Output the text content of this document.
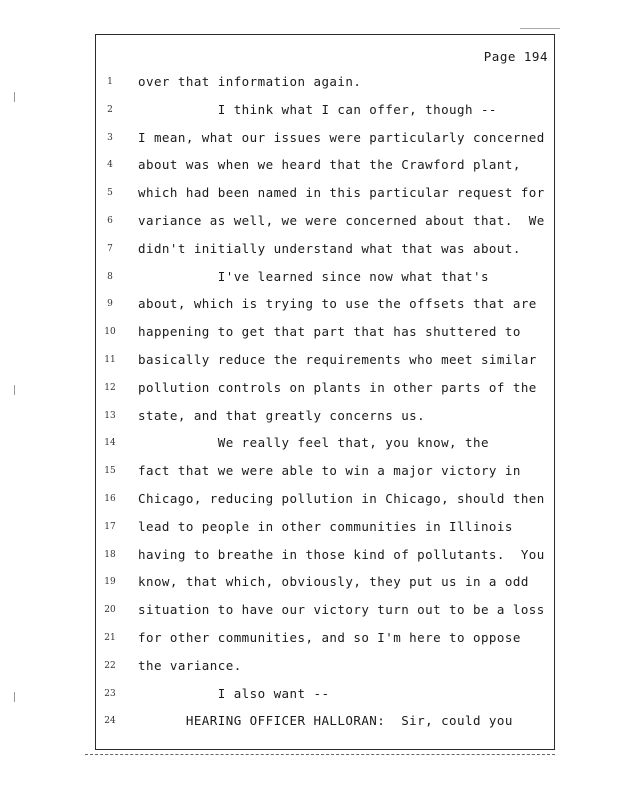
Page 194
1	over that information again.
2	I think what I can offer, though --
3	I mean, what our issues were particularly concerned
4	about was when we heard that the Crawford plant,
5	which had been named in this particular request for
6	variance as well, we were concerned about that.  We
7	didn't initially understand what that was about.
8	I've learned since now what that's
9	about, which is trying to use the offsets that are
10	happening to get that part that has shuttered to
11	basically reduce the requirements who meet similar
12	pollution controls on plants in other parts of the
13	state, and that greatly concerns us.
14	We really feel that, you know, the
15	fact that we were able to win a major victory in
16	Chicago, reducing pollution in Chicago, should then
17	lead to people in other communities in Illinois
18	having to breathe in those kind of pollutants.  You
19	know, that which, obviously, they put us in a odd
20	situation to have our victory turn out to be a loss
21	for other communities, and so I'm here to oppose
22	the variance.
23	I also want --
24	HEARING OFFICER HALLORAN:  Sir, could you
